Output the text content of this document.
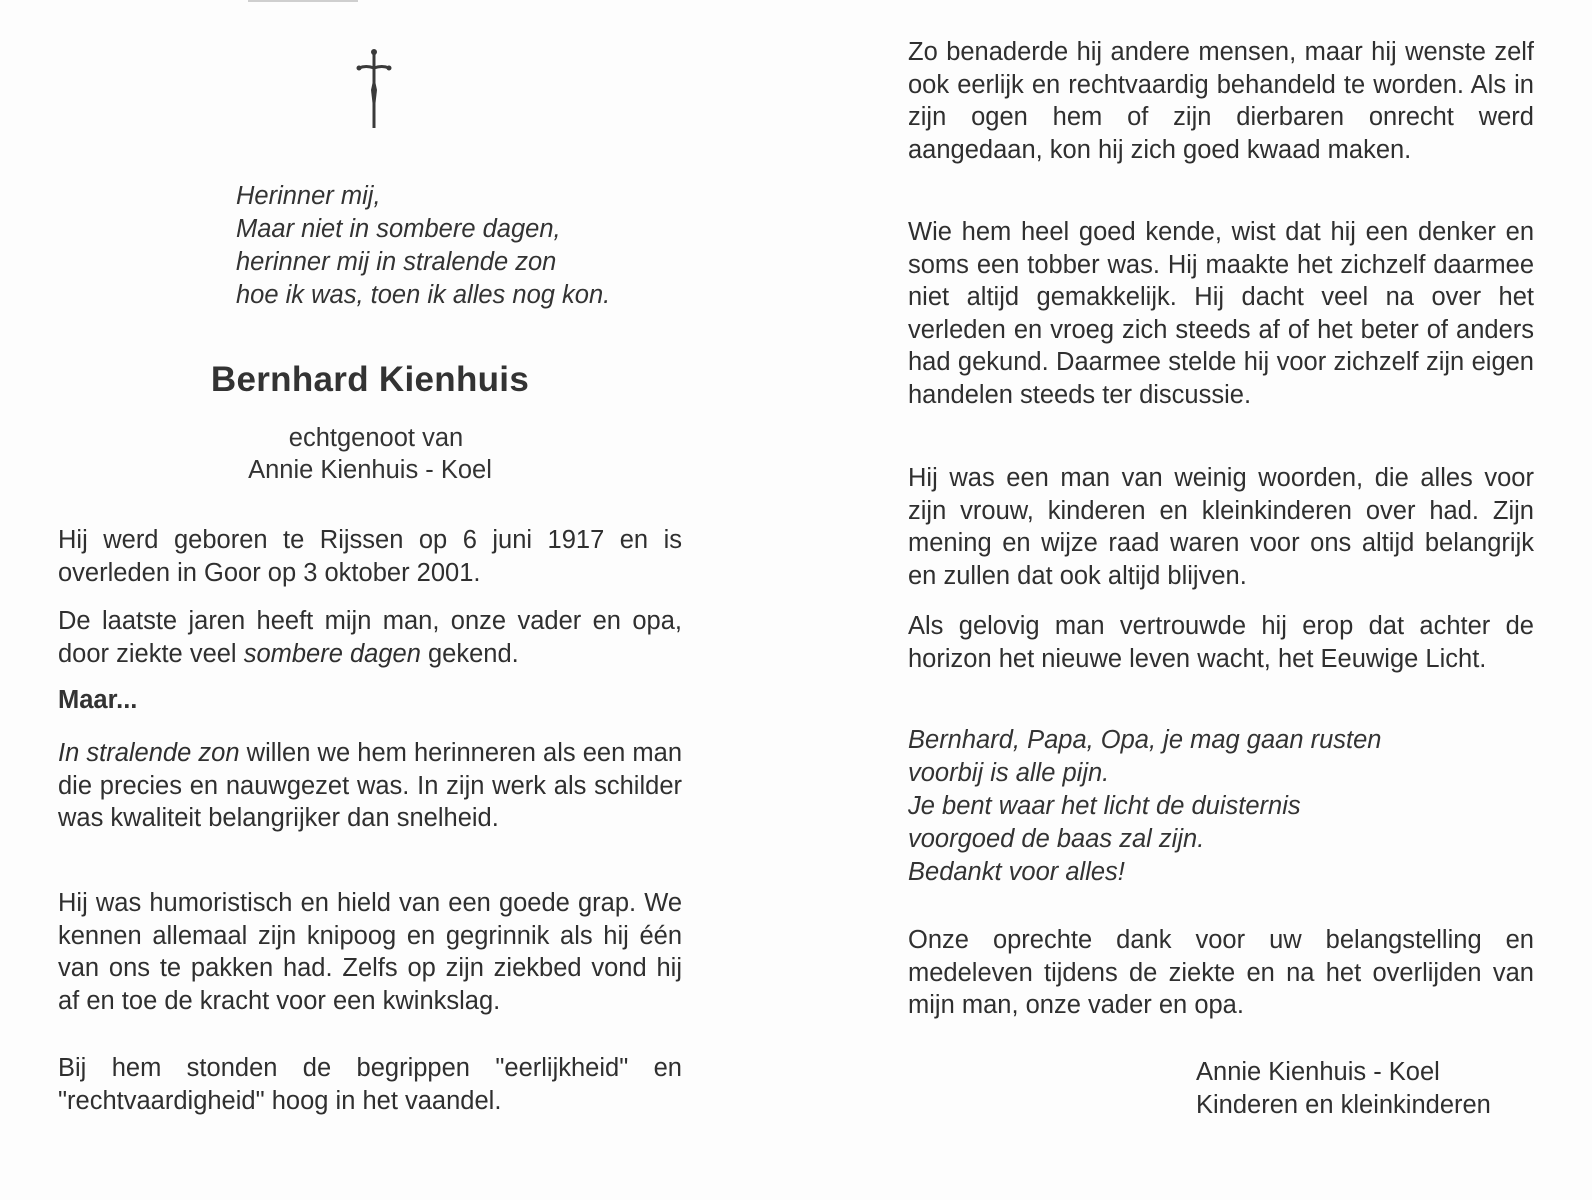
Herinner mij,
Maar niet in sombere dagen,
herinner mij in stralende zon
hoe ik was, toen ik alles nog kon.
Bernhard Kienhuis
echtgenoot van
Annie Kienhuis - Koel

Hij werd geboren te Rijssen op 6 juni 1917 en is overleden in Goor op 3 oktober 2001.

De laatste jaren heeft mijn man, onze vader en opa, door ziekte veel sombere dagen gekend.

Maar...

In stralende zon willen we hem herinneren als een man die precies en nauwgezet was. In zijn werk als schilder was kwaliteit belangrijker dan snelheid.

Hij was humoristisch en hield van een goede grap. We kennen allemaal zijn knipoog en gegrinnik als hij één van ons te pakken had. Zelfs op zijn ziekbed vond hij af en toe de kracht voor een kwinkslag.

Bij hem stonden de begrippen "eerlijkheid" en "rechtvaardigheid" hoog in het vaandel.

Zo benaderde hij andere mensen, maar hij wenste zelf ook eerlijk en rechtvaardig behandeld te worden. Als in zijn ogen hem of zijn dierbaren onrecht werd aangedaan, kon hij zich goed kwaad maken.

Wie hem heel goed kende, wist dat hij een denker en soms een tobber was. Hij maakte het zichzelf daarmee niet altijd gemakkelijk. Hij dacht veel na over het verleden en vroeg zich steeds af of het beter of anders had gekund. Daarmee stelde hij voor zichzelf zijn eigen handelen steeds ter discussie.

Hij was een man van weinig woorden, die alles voor zijn vrouw, kinderen en kleinkinderen over had. Zijn mening en wijze raad waren voor ons altijd belangrijk en zullen dat ook altijd blijven.

Als gelovig man vertrouwde hij erop dat achter de horizon het nieuwe leven wacht, het Eeuwige Licht.

Bernhard, Papa, Opa, je mag gaan rusten
voorbij is alle pijn.
Je bent waar het licht de duisternis
voorgoed de baas zal zijn.
Bedankt voor alles!

Onze oprechte dank voor uw belangstelling en medeleven tijdens de ziekte en na het overlijden van mijn man, onze vader en opa.

Annie Kienhuis - Koel
Kinderen en kleinkinderen
